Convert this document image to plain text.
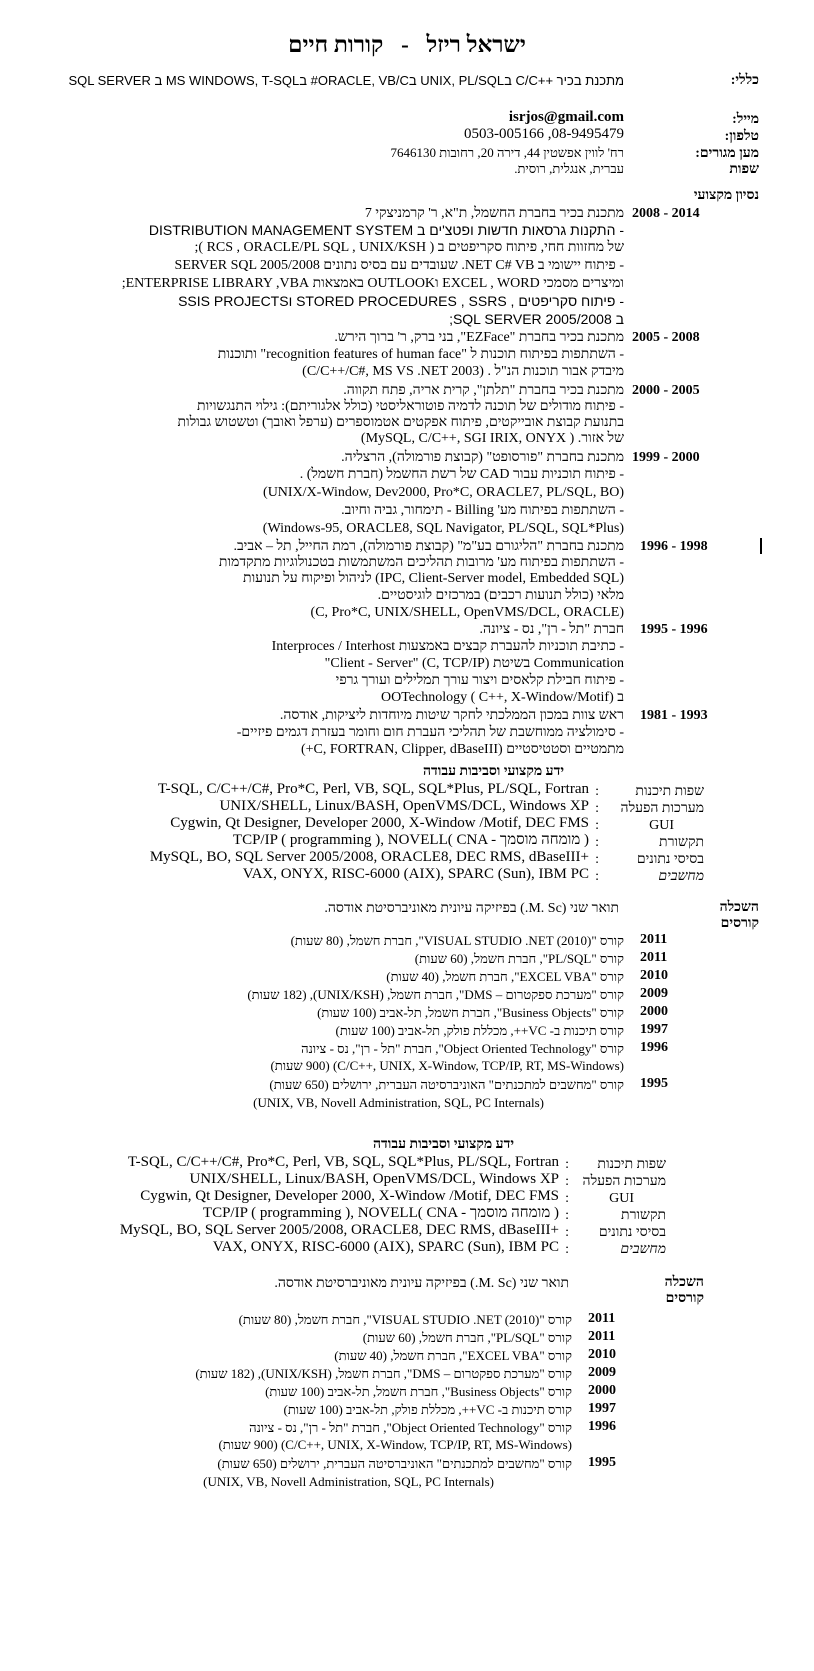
ישראל ריזל - קורות חיים
כללי:
מתכנת בכיר ++C/C בUNIX, PL/SQL בORACLE, VB/C# בMS WINDOWS, T-SQL ב SQL SERVER
מייל:
isrjos@gmail.com
טלפון:
08-9495479, 0503-005166
מען מגורים:
רח' לווין אפשטין 44, דירה 20, רחובות 7646130
שפות
עברית, אנגלית, רוסית.
נסיון מקצועי
2008 - 2014
מתכנת בכיר בחברת החשמל, ת"א, ר' קרמניצקי 7
- התקנות גרסאות חדשות ופטצ'ים ב DISTRIBUTION MANAGEMENT SYSTEM
של מחזוות חחי, פיתוח סקריפטים ב ( RCS , ORACLE/PL SQL , UNIX/KSH );
- פיתוח יישומי ב NET C# VB. שעובדים עם בסיס נתונים SERVER SQL 2005/2008
ומיצרים מסמכי EXCEL , WORD וOUTLOOK באמצאות ENTERPRISE LIBRARY ,VBA;
- פיתוח סקריפטים , STORED PROCEDURES , SSRS וSSIS PROJECTS
ב SQL SERVER 2005/2008;
2005 - 2008
מתכנת בכיר בחברת "EZFace", בני ברק, ר' ברוך הירש.
- השתתפות בפיתוח תוכנות ל "recognition features of human face" ותוכנות
מיבדק אבור תוכנות הנ"ל . (C/C++/C#, MS VS .NET 2003)
2000 - 2005
מתכנת בכיר בחברת "תלתן", קרית אריה, פתח תקווה.
- פיתוח מודולים של תוכנה לדמיה פוטוראליסטי (כולל אלגוריתם): גילוי התנגשויות
בתנועת קבוצת אובייקטים, פיתוח אפקטים אטמוספרים (ערפל ואובך) וטשטוש גבולות
של אזור. ( MySQL, C/C++, SGI IRIX, ONYX)
1999 - 2000
מתכנת בחברת "פורסופט" (קבוצת פורמולה), הרצליה.
- פיתוח תוכניות עבור CAD של רשת החשמל (חברת חשמל) .
(UNIX/X-Window, Dev2000, Pro*C, ORACLE7, PL/SQL, BO)
- השתתפות בפיתוח מע' Billing - תימחור, גביה וחיוב.
(Windows-95, ORACLE8, SQL Navigator, PL/SQL, SQL*Plus)
1996 - 1998
מתכנת בחברת "הליגורם בע"מ" (קבוצת פורמולה), רמת החייל, תל – אביב.
- השתתפות בפיתוח מע' מרובות תהליכים המשתמשות בטכנולוגיות מתקדמות
(IPC, Client-Server model, Embedded SQL) לניהול ופיקוח על תנועות
מלאי (כולל תנועות רכבים) במרכזים לוגיסטיים.
(C, Pro*C, UNIX/SHELL, OpenVMS/DCL, ORACLE)
1995 - 1996
חברת "תל - רן", נס - ציונה.
- כתיבת תוכניות להעברת קבצים באמצעות Interproces / Interhost
Communication בשיטת (C, TCP/IP) "Client - Server"
- פיתוח חבילת קלאסים ויצור עורך תמלילים ועורך גרפי
ב OOTechnology ( C++, X-Window/Motif)
1981 - 1993
ראש צוות במכון הממלכתי לחקר שיטות מיוחדות ליציקות, אודסה.
- סימולציה ממוחשבת של תהליכי העברת חום וחומר בעזרת דגמים פיזיים-
מתמטיים וסטטיסטיים (C, FORTRAN, Clipper, dBaseIII+)
ידע מקצועי וסביבות עבודה
שפות תיכנות
:
T-SQL, C/C++/C#, Pro*C, Perl, VB, SQL, SQL*Plus, PL/SQL, Fortran
מערכות הפעלה
:
UNIX/SHELL, Linux/BASH, OpenVMS/DCL, Windows XP
GUI
:
Cygwin, Qt Designer, Developer 2000, X-Window /Motif, DEC FMS
תקשורת
:
TCP/IP ( programming ), NOVELL( CNA - מומחה מוסמך )
בסיסי נתונים
:
MySQL, BO, SQL Server 2005/2008, ORACLE8, DEC RMS, dBaseIII+
מחשבים
:
VAX, ONYX, RISC-6000 (AIX), SPARC (Sun), IBM PC
השכלה
קורסים
תואר שני (M. Sc.) בפיזיקה עיונית מאוניברסיטת אודסה.
2011
קורס "VISUAL STUDIO .NET (2010)", חברת חשמל, (80 שעות)
2011
קורס "PL/SQL", חברת חשמל, (60 שעות)
2010
קורס "EXCEL VBA", חברת חשמל, (40 שעות)
2009
קורס "מערכת ספקטרום – DMS", חברת חשמל, (UNIX/KSH), (182 שעות)
2000
קורס "Business Objects", חברת חשמל, תל-אביב (100 שעות)
1997
קורס תיכנות ב- VC++, מכללת פולק, תל-אביב (100 שעות)
1996
קורס "Object Oriented Technology", חברת "תל - רן", נס - ציונה
(C/C++, UNIX, X-Window, TCP/IP, RT, MS-Windows) (900 שעות)
1995
קורס "מחשבים למתכנתים" האוניברסיטה העברית, ירושלים (650 שעות)
(UNIX, VB, Novell Administration, SQL, PC Internals)
ידע מקצועי וסביבות עבודה
שפות תיכנות
:
T-SQL, C/C++/C#, Pro*C, Perl, VB, SQL, SQL*Plus, PL/SQL, Fortran
מערכות הפעלה
:
UNIX/SHELL, Linux/BASH, OpenVMS/DCL, Windows XP
GUI
:
Cygwin, Qt Designer, Developer 2000, X-Window /Motif, DEC FMS
תקשורת
:
TCP/IP ( programming ), NOVELL( CNA - מומחה מוסמך )
בסיסי נתונים
:
MySQL, BO, SQL Server 2005/2008, ORACLE8, DEC RMS, dBaseIII+
מחשבים
:
VAX, ONYX, RISC-6000 (AIX), SPARC (Sun), IBM PC
השכלה
קורסים
תואר שני (M. Sc.) בפיזיקה עיונית מאוניברסיטת אודסה.
2011
קורס "VISUAL STUDIO .NET (2010)", חברת חשמל, (80 שעות)
2011
קורס "PL/SQL", חברת חשמל, (60 שעות)
2010
קורס "EXCEL VBA", חברת חשמל, (40 שעות)
2009
קורס "מערכת ספקטרום – DMS", חברת חשמל, (UNIX/KSH), (182 שעות)
2000
קורס "Business Objects", חברת חשמל, תל-אביב (100 שעות)
1997
קורס תיכנות ב- VC++, מכללת פולק, תל-אביב (100 שעות)
1996
קורס "Object Oriented Technology", חברת "תל - רן", נס - ציונה
(C/C++, UNIX, X-Window, TCP/IP, RT, MS-Windows) (900 שעות)
1995
קורס "מחשבים למתכנתים" האוניברסיטה העברית, ירושלים (650 שעות)
(UNIX, VB, Novell Administration, SQL, PC Internals)
